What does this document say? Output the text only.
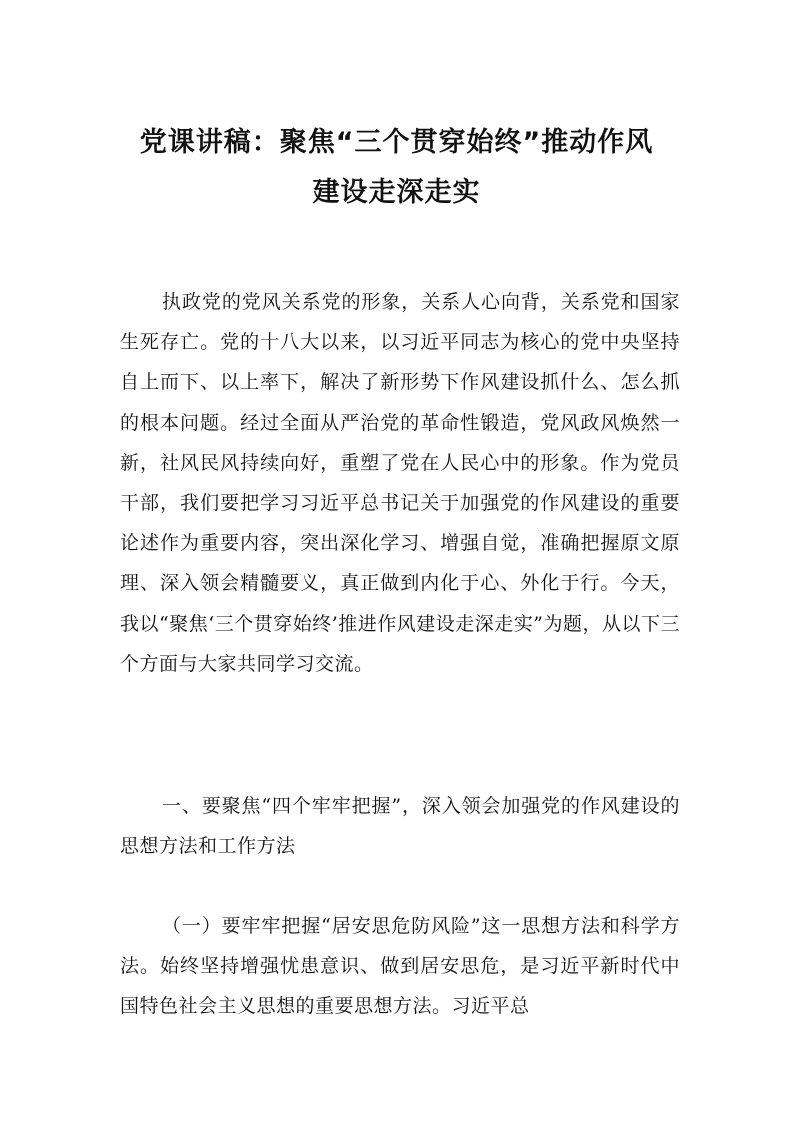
党课讲稿：聚焦“三个贯穿始终”推动作风
建设走深走实

执政党的党风关系党的形象，关系人心向背，关系党和国家生死存亡。党的十八大以来，以习近平同志为核心的党中央坚持自上而下、以上率下，解决了新形势下作风建设抓什么、怎么抓的根本问题。经过全面从严治党的革命性锻造，党风政风焕然一新，社风民风持续向好，重塑了党在人民心中的形象。作为党员干部，我们要把学习习近平总书记关于加强党的作风建设的重要论述作为重要内容，突出深化学习、增强自觉，准确把握原文原理、深入领会精髓要义，真正做到内化于心、外化于行。今天，我以“聚焦‘三个贯穿始终’推进作风建设走深走实”为题，从以下三个方面与大家共同学习交流。

一、要聚焦“四个牢牢把握”，深入领会加强党的作风建设的思想方法和工作方法

（一）要牢牢把握“居安思危防风险”这一思想方法和科学方法。始终坚持增强忧患意识、做到居安思危，是习近平新时代中国特色社会主义思想的重要思想方法。习近平总
